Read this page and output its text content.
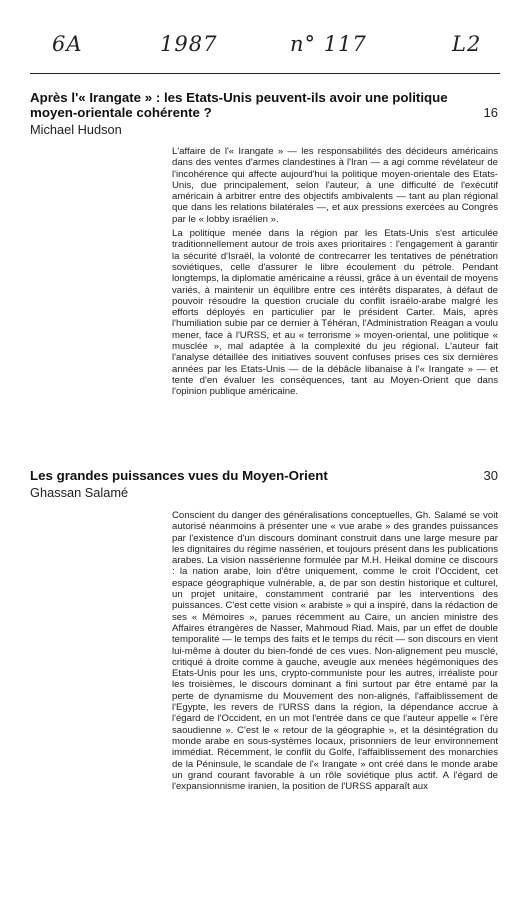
6A	1987	n° 117	L2
Après l'« Irangate » : les Etats-Unis peuvent-ils avoir une politique moyen-orientale cohérente ?	16
Michael Hudson

L'affaire de l'« Irangate » — les responsabilités des décideurs américains dans des ventes d'armes clandestines à l'Iran — a agi comme révélateur de l'incohérence qui affecte aujourd'hui la politique moyen-orientale des Etats-Unis, due principalement, selon l'auteur, à une difficulté de l'exécutif américain à arbitrer entre des objectifs ambivalents — tant au plan régional que dans les relations bilatérales —, et aux pressions exercées au Congrès par le « lobby israélien ».

La politique menée dans la région par les Etats-Unis s'est articulée traditionnellement autour de trois axes prioritaires : l'engagement à garantir la sécurité d'Israël, la volonté de contrecarrer les tentatives de pénétration soviétiques, celle d'assurer le libre écoulement du pétrole. Pendant longtemps, la diplomatie américaine a réussi, grâce à un éventail de moyens variés, à maintenir un équilibre entre ces intérêts disparates, à défaut de pouvoir résoudre la question cruciale du conflit israélo-arabe malgré les efforts déployés en particulier par le président Carter. Mais, après l'humiliation subie par ce dernier à Téhéran, l'Administration Reagan a voulu mener, face à l'URSS, et au « terrorisme » moyen-oriental, une politique « musclée », mal adaptée à la complexité du jeu régional. L'auteur fait l'analyse détaillée des initiatives souvent confuses prises ces six dernières années par les Etats-Unis — de la débâcle libanaise à l'« Irangate » — et tente d'en évaluer les conséquences, tant au Moyen-Orient que dans l'opinion publique américaine.

Les grandes puissances vues du Moyen-Orient	30
Ghassan Salamé

Conscient du danger des généralisations conceptuelles, Gh. Salamé se voit autorisé néanmoins à présenter une « vue arabe » des grandes puissances par l'existence d'un discours dominant construit dans une large mesure par les dignitaires du régime nassérien, et toujours présent dans les publications arabes. La vision nassérienne formulée par M.H. Heikal domine ce discours : la nation arabe, loin d'être uniquement, comme le croit l'Occident, cet espace géographique vulnérable, a, de par son destin historique et culturel, un projet unitaire, constamment contrarié par les interventions des puissances. C'est cette vision « arabiste » qui a inspiré, dans la rédaction de ses « Mémoires », parues récemment au Caire, un ancien ministre des Affaires étrangères de Nasser, Mahmoud Riad. Mais, par un effet de double temporalité — le temps des faits et le temps du récit — son discours en vient lui-même à douter du bien-fondé de ces vues. Non-alignement peu musclé, critiqué à droite comme à gauche, aveugle aux menées hégémoniques des Etats-Unis pour les uns, crypto-communiste pour les autres, irréaliste pour les troisièmes, le discours dominant a fini surtout par être entamé par la perte de dynamisme du Mouvement des non-alignés, l'affaiblissement de l'Egypte, les revers de l'URSS dans la région, la dépendance accrue à l'égard de l'Occident, en un mot l'entrée dans ce que l'auteur appelle « l'ère saoudienne ». C'est le « retour de la géographie », et la désintégration du monde arabe en sous-systèmes locaux, prisonniers de leur environnement immédiat. Récemment, le conflit du Golfe, l'affaiblissement des monarchies de la Péninsule, le scandale de l'« Irangate » ont créé dans le monde arabe un grand courant favorable à un rôle soviétique plus actif. A l'égard de l'expansionnisme iranien, la position de l'URSS apparaît aux
